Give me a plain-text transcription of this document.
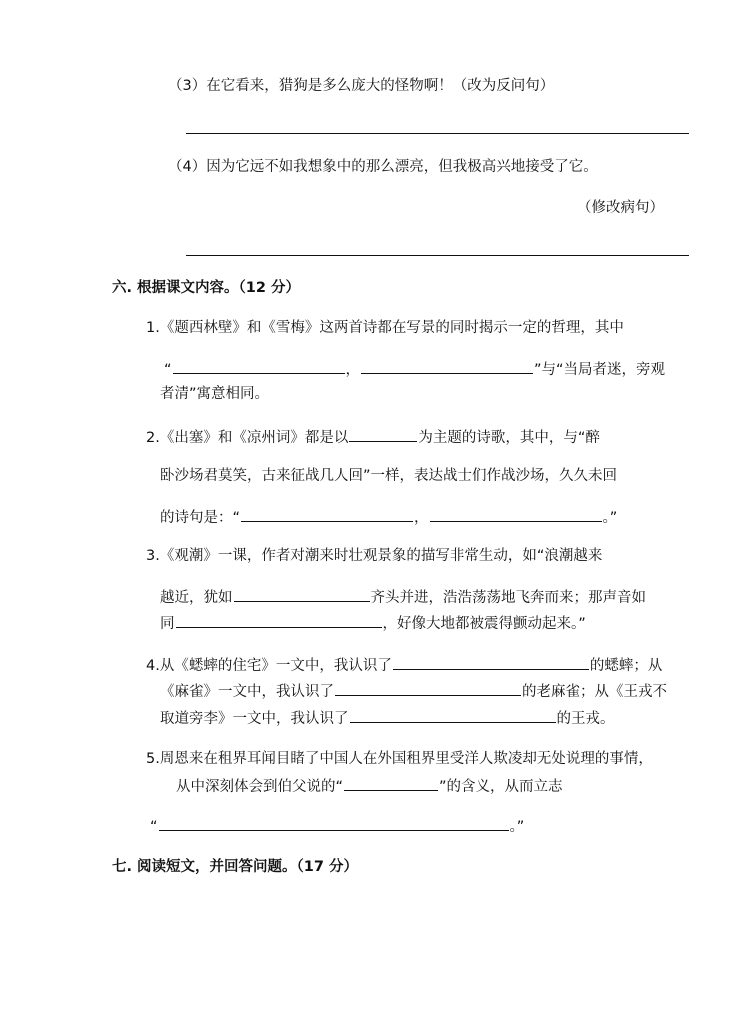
（3）在它看来，猎狗是多么庞大的怪物啊！（改为反问句）
（4）因为它远不如我想象中的那么漂亮，但我极高兴地接受了它。
（修改病句）
六. 根据课文内容。（12 分）
1.《题西林壁》和《雪梅》这两首诗都在写景的同时揭示一定的哲理，其中
“	，	”与“当局者迷，旁观
者清”寓意相同。
2.《出塞》和《凉州词》都是以	为主题的诗歌，其中，与“醉
卧沙场君莫笑，古来征战几人回”一样，表达战士们作战沙场，久久未回
的诗句是：“	，	。”
3.《观潮》一课，作者对潮来时壮观景象的描写非常生动，如“浪潮越来
越近，犹如	齐头并进，浩浩荡荡地飞奔而来；那声音如
同	，好像大地都被震得颤动起来。”
4.从《蟋蟀的住宅》一文中，我认识了	的蟋蟀；从
《麻雀》一文中，我认识了	的老麻雀；从《王戎不
取道旁李》一文中，我认识了	的王戎。
5.周恩来在租界耳闻目睹了中国人在外国租界里受洋人欺凌却无处说理的事情，
从中深刻体会到伯父说的“	”的含义，从而立志
“	。”
七. 阅读短文，并回答问题。（17 分）
